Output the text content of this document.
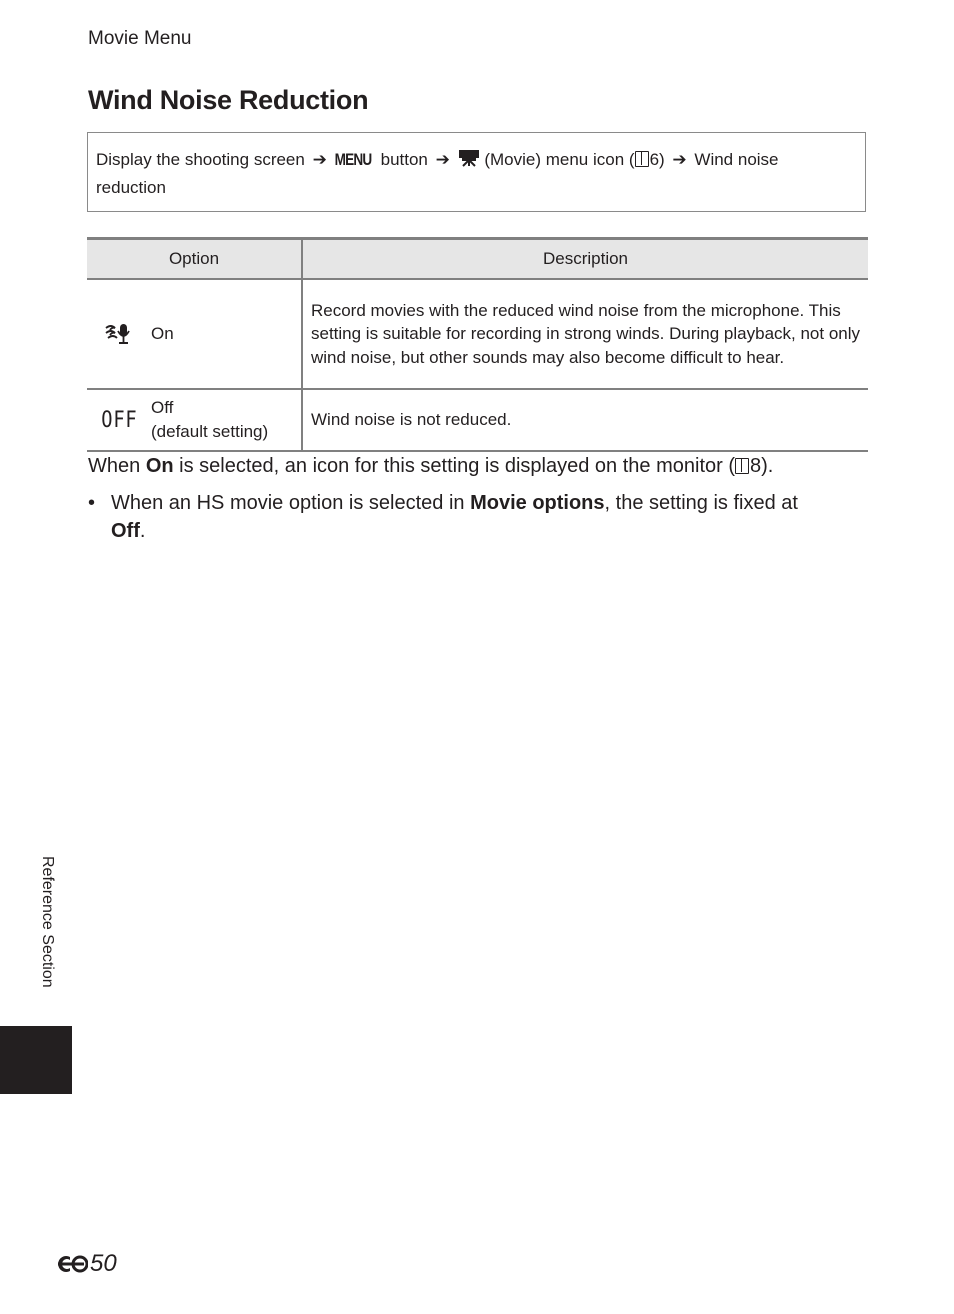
Movie Menu
Wind Noise Reduction
Display the shooting screen ➔ MENU button ➔ (Movie) menu icon ( 6) ➔ Wind noise
reduction
Option	Description

On	Record movies with the reduced wind noise from the microphone. This setting is suitable for recording in strong winds. During playback, not only wind noise, but other sounds may also become difficult to hear.

OFF Off
(default setting)	Wind noise is not reduced.
When On is selected, an icon for this setting is displayed on the monitor ( 8).
• When an HS movie option is selected in Movie options, the setting is fixed at
Off.
Reference Section
50
